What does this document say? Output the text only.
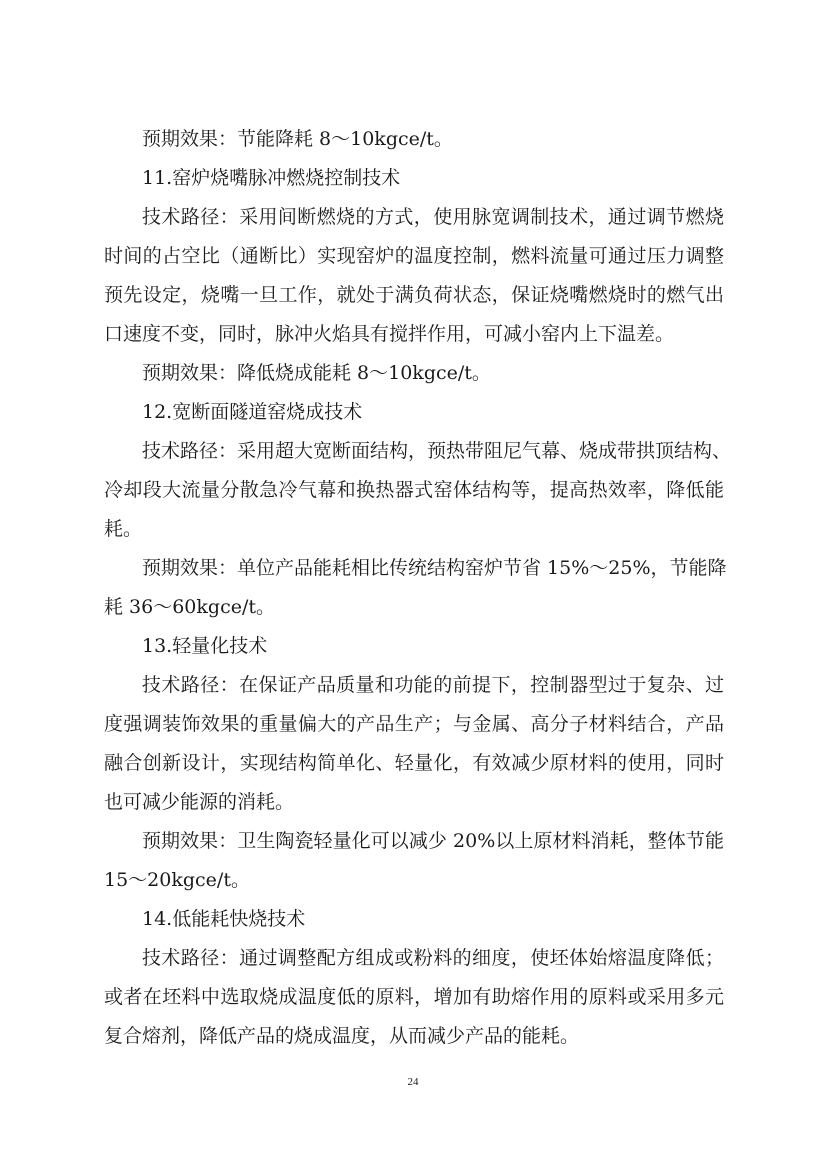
预期效果：节能降耗 8～10kgce/t。
11.窑炉烧嘴脉冲燃烧控制技术
技术路径：采用间断燃烧的方式，使用脉宽调制技术，通过调节燃烧
时间的占空比（通断比）实现窑炉的温度控制，燃料流量可通过压力调整
预先设定，烧嘴一旦工作，就处于满负荷状态，保证烧嘴燃烧时的燃气出
口速度不变，同时，脉冲火焰具有搅拌作用，可减小窑内上下温差。
预期效果：降低烧成能耗 8～10kgce/t。
12.宽断面隧道窑烧成技术
技术路径：采用超大宽断面结构，预热带阻尼气幕、烧成带拱顶结构、
冷却段大流量分散急冷气幕和换热器式窑体结构等，提高热效率，降低能
耗。
预期效果：单位产品能耗相比传统结构窑炉节省 15%～25%，节能降
耗 36～60kgce/t。
13.轻量化技术
技术路径：在保证产品质量和功能的前提下，控制器型过于复杂、过
度强调装饰效果的重量偏大的产品生产；与金属、高分子材料结合，产品
融合创新设计，实现结构简单化、轻量化，有效减少原材料的使用，同时
也可减少能源的消耗。
预期效果：卫生陶瓷轻量化可以减少 20%以上原材料消耗，整体节能
15～20kgce/t。
14.低能耗快烧技术
技术路径：通过调整配方组成或粉料的细度，使坯体始熔温度降低；
或者在坯料中选取烧成温度低的原料，增加有助熔作用的原料或采用多元
复合熔剂，降低产品的烧成温度，从而减少产品的能耗。
24
